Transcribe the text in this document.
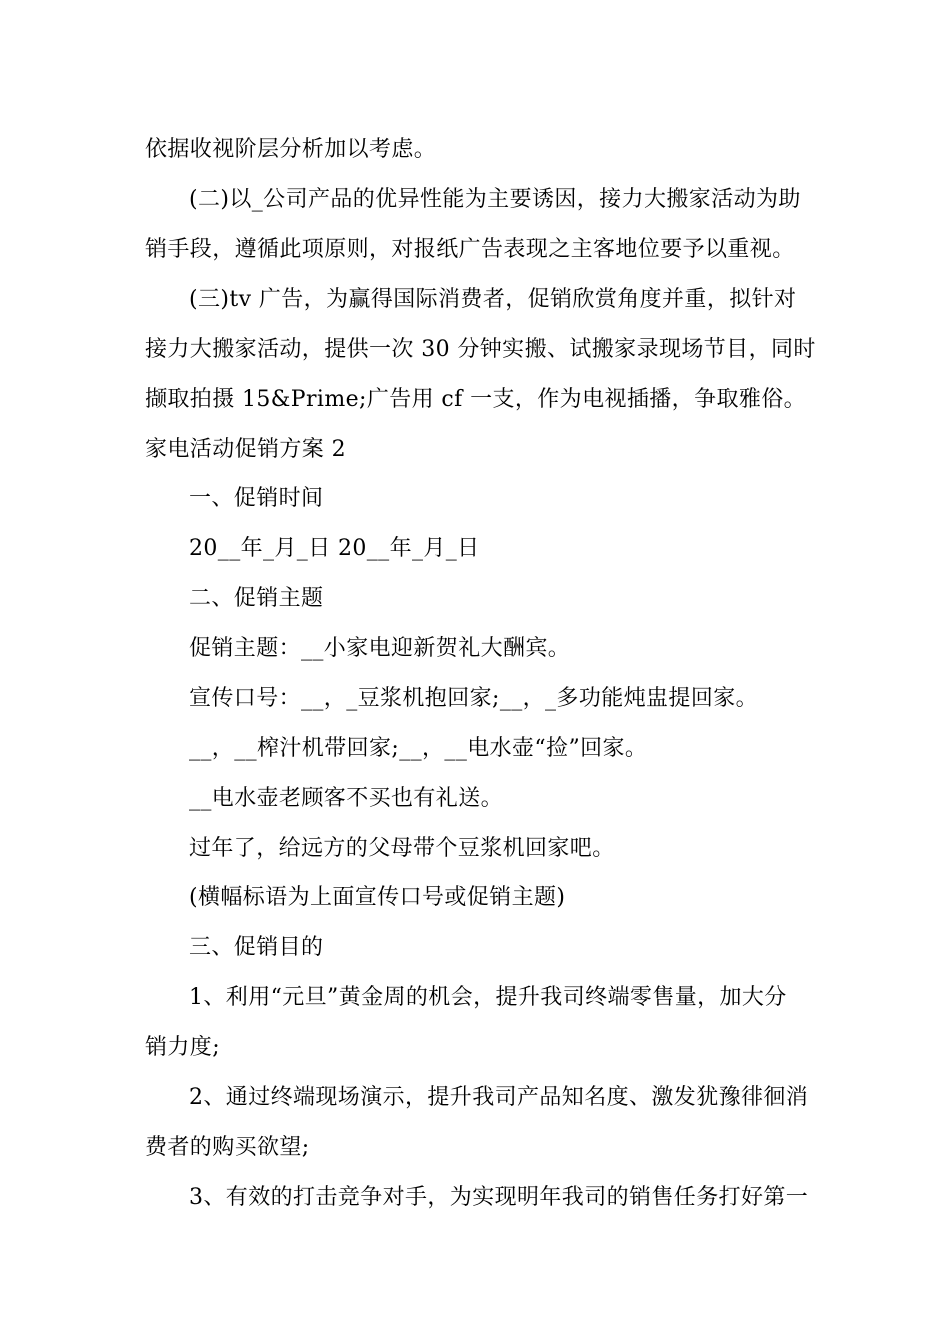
依据收视阶层分析加以考虑。
(二)以_公司产品的优异性能为主要诱因，接力大搬家活动为助
销手段，遵循此项原则，对报纸广告表现之主客地位要予以重视。
(三)tv 广告，为赢得国际消费者，促销欣赏角度并重，拟针对
接力大搬家活动，提供一次 30 分钟实搬、试搬家录现场节目，同时
撷取拍摄 15&Prime;广告用 cf 一支，作为电视插播，争取雅俗。
家电活动促销方案 2
一、促销时间
20__年_月_日 20__年_月_日
二、促销主题
促销主题：__小家电迎新贺礼大酬宾。
宣传口号：__，_豆浆机抱回家;__，_多功能炖盅提回家。
__，__榨汁机带回家;__，__电水壶“捡”回家。
__电水壶老顾客不买也有礼送。
过年了，给远方的父母带个豆浆机回家吧。
(横幅标语为上面宣传口号或促销主题)
三、促销目的
1、利用“元旦”黄金周的机会，提升我司终端零售量，加大分
销力度;
2、通过终端现场演示，提升我司产品知名度、激发犹豫徘徊消
费者的购买欲望;
3、有效的打击竞争对手，为实现明年我司的销售任务打好第一
